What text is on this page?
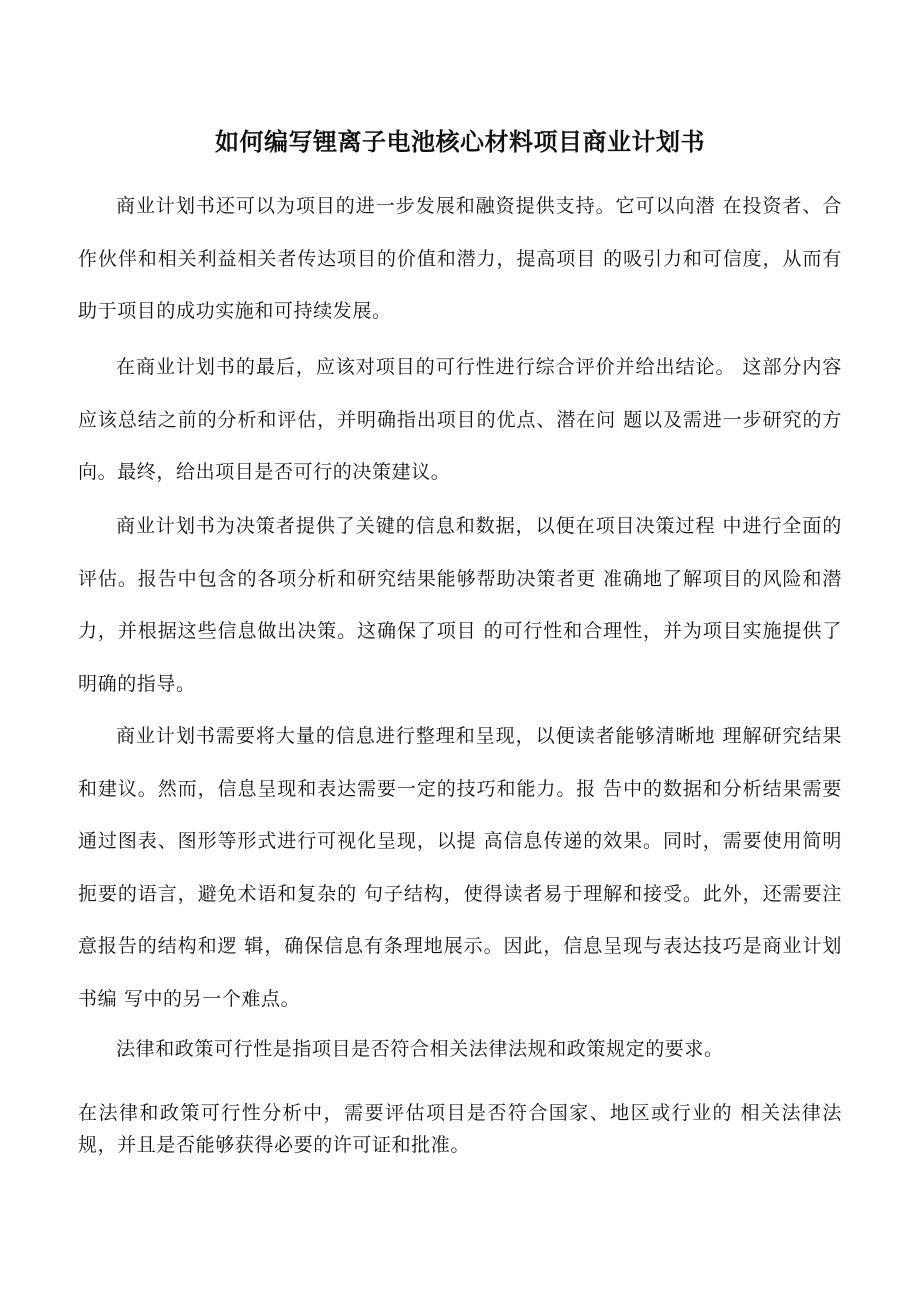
如何编写锂离子电池核心材料项目商业计划书

商业计划书还可以为项目的进一步发展和融资提供支持。它可以向潜 在投资者、合作伙伴和相关利益相关者传达项目的价值和潜力，提高项目 的吸引力和可信度，从而有助于项目的成功实施和可持续发展。

在商业计划书的最后，应该对项目的可行性进行综合评价并给出结论。 这部分内容应该总结之前的分析和评估，并明确指出项目的优点、潜在问 题以及需进一步研究的方向。最终，给出项目是否可行的决策建议。

商业计划书为决策者提供了关键的信息和数据，以便在项目决策过程 中进行全面的评估。报告中包含的各项分析和研究结果能够帮助决策者更 准确地了解项目的风险和潜力，并根据这些信息做出决策。这确保了项目 的可行性和合理性，并为项目实施提供了明确的指导。

商业计划书需要将大量的信息进行整理和呈现，以便读者能够清晰地 理解研究结果和建议。然而，信息呈现和表达需要一定的技巧和能力。报 告中的数据和分析结果需要通过图表、图形等形式进行可视化呈现，以提 高信息传递的效果。同时，需要使用简明扼要的语言，避免术语和复杂的 句子结构，使得读者易于理解和接受。此外，还需要注意报告的结构和逻 辑，确保信息有条理地展示。因此，信息呈现与表达技巧是商业计划书编 写中的另一个难点。

法律和政策可行性是指项目是否符合相关法律法规和政策规定的要求。

在法律和政策可行性分析中，需要评估项目是否符合国家、地区或行业的 相关法律法规，并且是否能够获得必要的许可证和批准。
